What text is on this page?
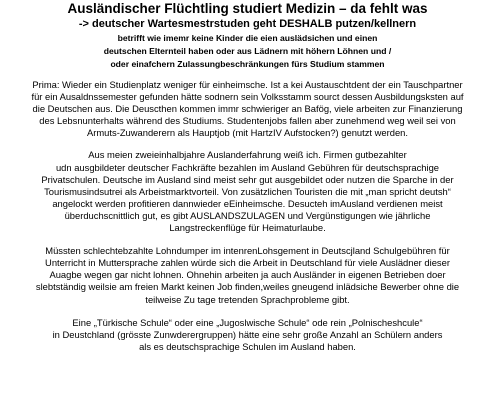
Ausländischer Flüchtling studiert Medizin – da fehlt was
-> deutscher Wartesmestrstuden geht DESHALB putzen/kellnern
betrifft wie imemr keine Kinder die eien auslädsichen und einen
deutschen Elternteil haben oder aus Lädnern mit höhern Löhnen und /
oder einafchern Zulassungbeschränkungen fürs Studium stammen

Prima: Wieder ein Studienplatz weniger für einheimsche. Ist a kei Austauschtdent der ein Tauschpartner

für ein Ausaldnssemester gefunden hätte sodnern sein Volksstamm sourct dessen Ausbildungsksten auf

die Deutschen aus. Die Deuscthen kommen immr schwieriger an Bafög, viele arbeiten zur Finanzierung

des Lebsnunterhalts während des Studiums. Studentenjobs fallen aber zunehmend weg weil sei von

Armuts-Zuwanderern als Hauptjob (mit HartzIV Aufstocken?) genutzt werden.

Aus meien zweieinhalbjahre Auslanderfahrung weiß ich. Firmen gutbezahlter

udn ausgbildeter deutscher Fachkräfte bezahlen im Ausland Gebühren für deutschsprachige

Privatschulen. Deutsche im Ausland sind meist sehr gut ausgebildet oder nutzen die Sparche in der

Tourismusindsutrei als Arbeistmarktvorteil. Von zusätzlichen Touristen die mit „man spricht deutsh“

angelockt werden profitieren dannwieder eEinheimsche. Desucteh imAusland verdienen meist

überduchscnittlich gut, es gibt AUSLANDSZULAGEN und Vergünstigungen wie jährliche

Langstreckenflüge für Heimaturlaube.

Müssten schlechtebzahlte Lohndumper im intenrenLohsgement in Deutscjland Schulgebühren für

Unterricht in Muttersprache zahlen würde sich die Arbeit in Deutschland für viele Auslädner dieser

Auagbe wegen gar nicht lohnen. Ohnehin arbeiten ja auch Ausländer in eigenen Betrieben doer

slebtständig weilsie am freien Markt keinen Job finden,weiles gneugend inlädsiche Bewerber ohne die

teilweise Zu tage tretenden Sprachprobleme gibt.

Eine „Türkische Schule“ oder eine „Jugoslwische Schule“ ode rein „Polnischeshcule“

in Deustchland (grösste Zunwderergruppen) hätte eine sehr große Anzahl an Schülern anders

als es deutschsprachige Schulen im Ausland haben.
